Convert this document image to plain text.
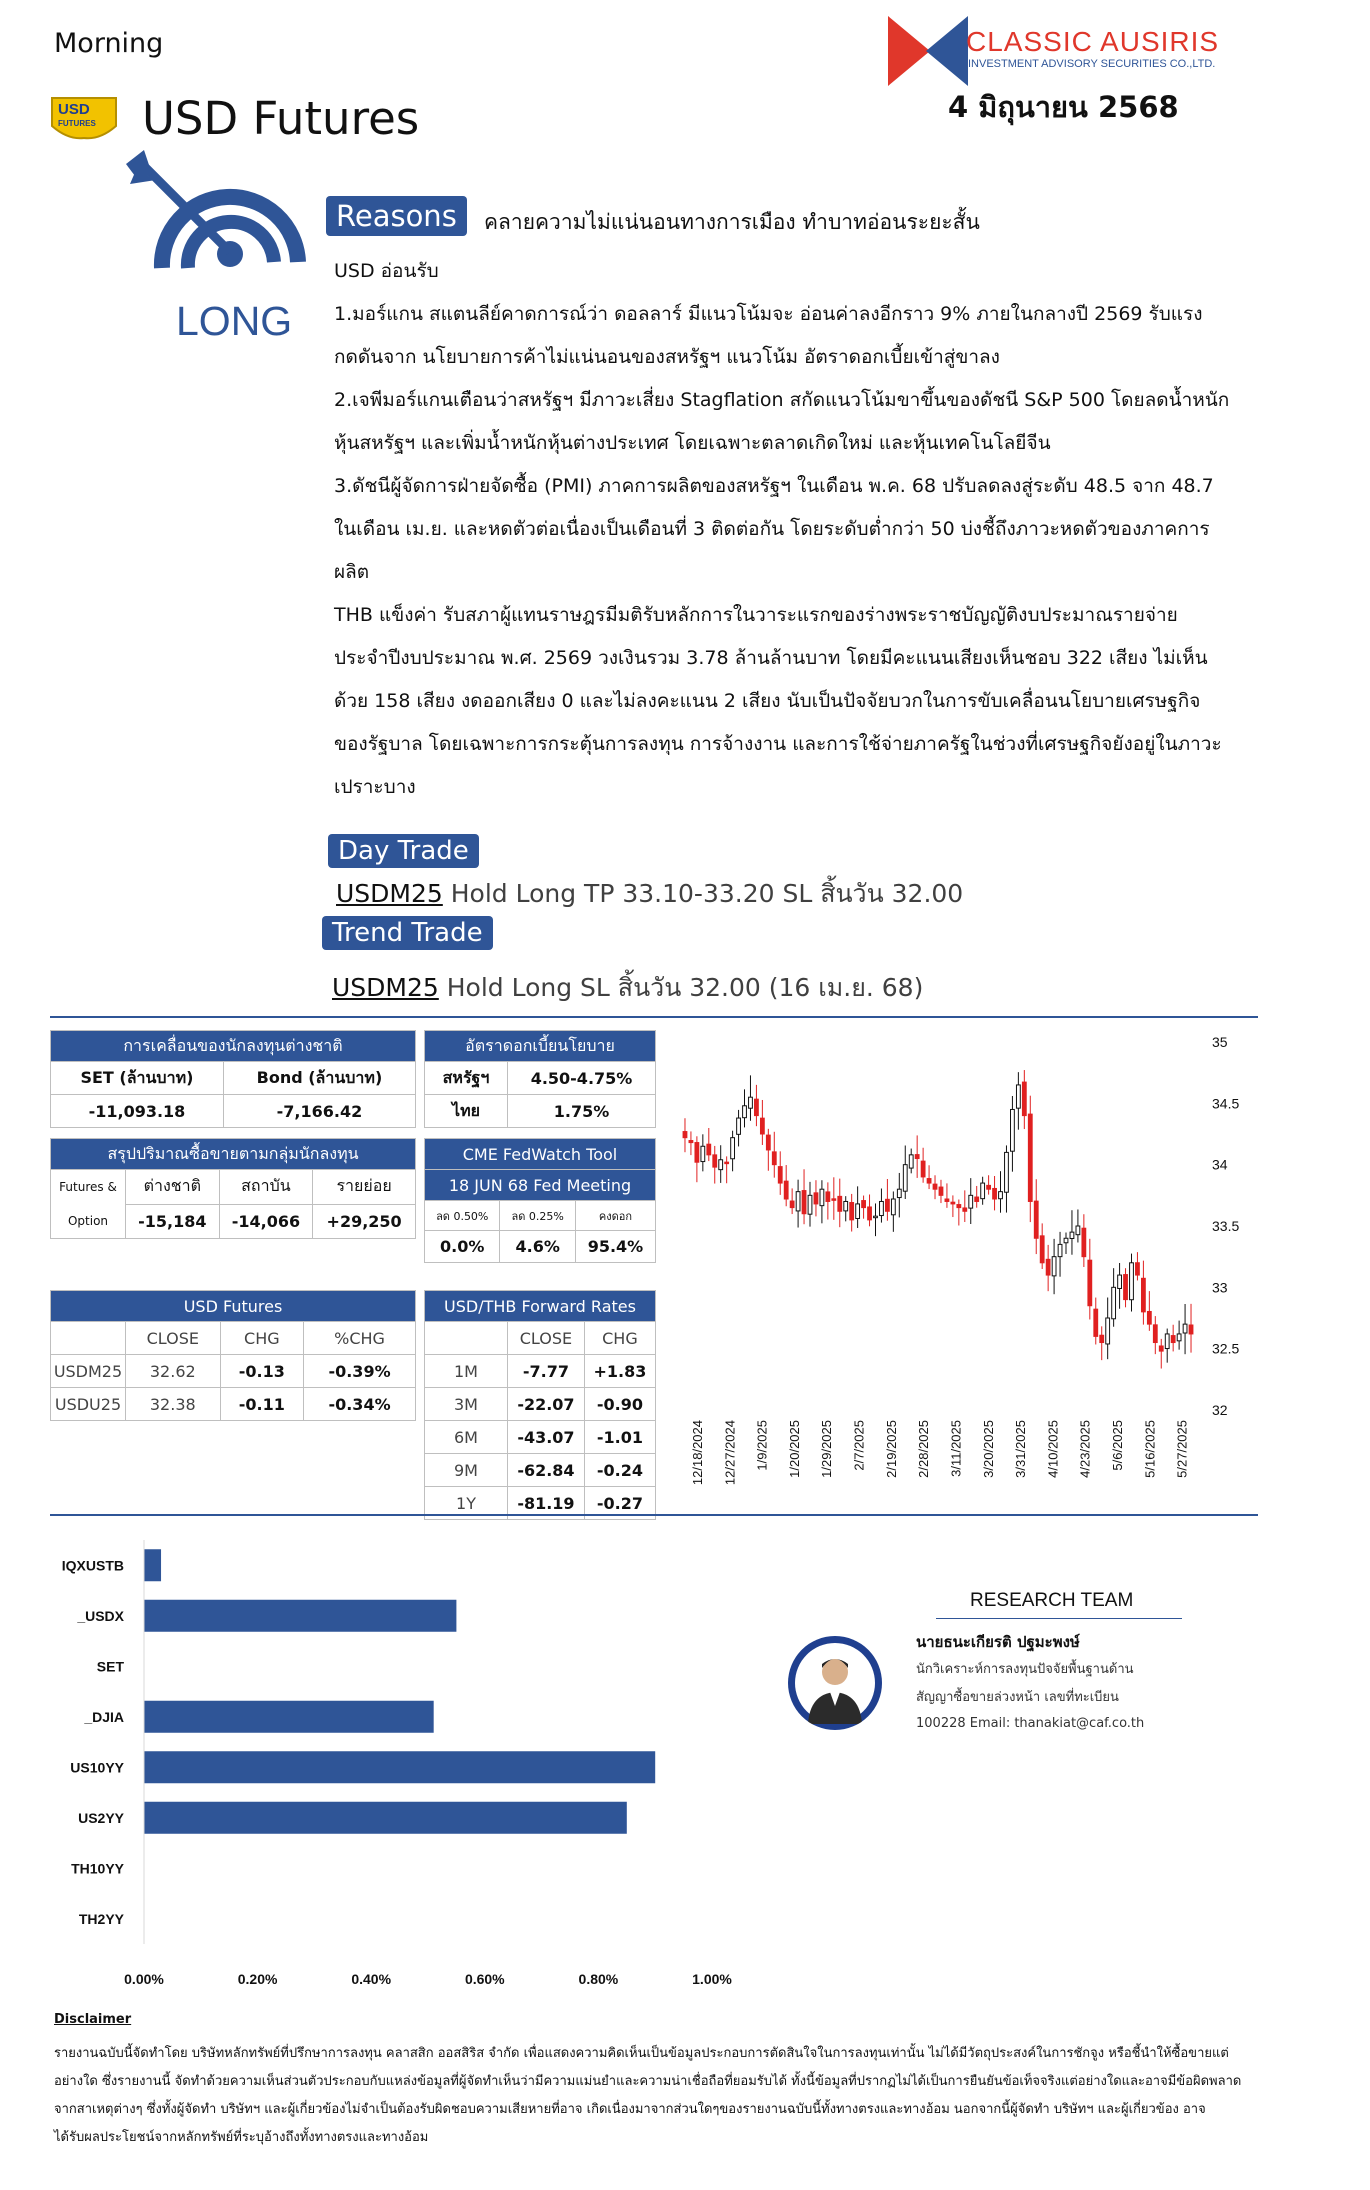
Morning
USD
FUTURES USD Futures
CLASSIC AUSIRIS
INVESTMENT ADVISORY SECURITIES CO.,LTD.
4 มิถุนายน 2568
LONG
Reasons	คลายความไม่แน่นอนทางการเมือง ทำบาทอ่อนระยะสั้น

USD อ่อนรับ

1.มอร์แกน สแตนลีย์คาดการณ์ว่า ดอลลาร์ มีแนวโน้มจะ อ่อนค่าลงอีกราว 9% ภายในกลางปี 2569 รับแรง

กดดันจาก นโยบายการค้าไม่แน่นอนของสหรัฐฯ แนวโน้ม อัตราดอกเบี้ยเข้าสู่ขาลง

2.เจพีมอร์แกนเตือนว่าสหรัฐฯ มีภาวะเสี่ยง Stagflation สกัดแนวโน้มขาขึ้นของดัชนี S&P 500 โดยลดน้ำหนัก

หุ้นสหรัฐฯ และเพิ่มน้ำหนักหุ้นต่างประเทศ โดยเฉพาะตลาดเกิดใหม่ และหุ้นเทคโนโลยีจีน

3.ดัชนีผู้จัดการฝ่ายจัดซื้อ (PMI) ภาคการผลิตของสหรัฐฯ ในเดือน พ.ค. 68 ปรับลดลงสู่ระดับ 48.5 จาก 48.7

ในเดือน เม.ย. และหดตัวต่อเนื่องเป็นเดือนที่ 3 ติดต่อกัน โดยระดับต่ำกว่า 50 บ่งชี้ถึงภาวะหดตัวของภาคการ

ผลิต

THB แข็งค่า รับสภาผู้แทนราษฎรมีมติรับหลักการในวาระแรกของร่างพระราชบัญญัติงบประมาณรายจ่าย

ประจำปีงบประมาณ พ.ศ. 2569 วงเงินรวม 3.78 ล้านล้านบาท โดยมีคะแนนเสียงเห็นชอบ 322 เสียง ไม่เห็น

ด้วย 158 เสียง งดออกเสียง 0 และไม่ลงคะแนน 2 เสียง นับเป็นปัจจัยบวกในการขับเคลื่อนนโยบายเศรษฐกิจ

ของรัฐบาล โดยเฉพาะการกระตุ้นการลงทุน การจ้างงาน และการใช้จ่ายภาครัฐในช่วงที่เศรษฐกิจยังอยู่ในภาวะ

เปราะบาง

Day Trade
USDM25 Hold Long TP 33.10-33.20 SL สิ้นวัน 32.00
Trend Trade
USDM25 Hold Long SL สิ้นวัน 32.00 (16 เม.ย. 68)
การเคลื่อนของนักลงทุนต่างชาติ	
SET (ล้านบาท)	Bond (ล้านบาท)
-11,093.18	-7,166.42
อัตราดอกเบี้ยนโยบาย	
สหรัฐฯ	4.50-4.75%
ไทย	1.75%
สรุปปริมาณซื้อขายตามกลุ่มนักลงทุน			

Futures &
Option	ต่างชาติ	สถาบัน	รายย่อย
	-15,184	-14,066	+29,250
CME FedWatch Tool		
18 JUN 68 Fed Meeting		
ลด 0.50%	ลด 0.25%	คงดอก
0.0%	4.6%	95.4%
USD Futures			
	CLOSE	CHG	%CHG
USDM25	32.62	-0.13	-0.39%
USDU25	32.38	-0.11	-0.34%
USD/THB Forward Rates		
	CLOSE	CHG
1M	-7.77	+1.83
3M	-22.07	-0.90
6M	-43.07	-1.01
9M	-62.84	-0.24
1Y	-81.19	-0.27
35
34.5
34
33.5
33
32.5
32
12/18/2024 12/27/2024 1/9/2025 1/20/2025 1/29/2025 2/7/2025 2/19/2025 2/28/2025 3/11/2025 3/20/2025 3/31/2025 4/10/2025 4/23/2025 5/6/2025 5/16/2025 5/27/2025
IQXUSTB
_USDX
SET
_DJIA
US10YY
US2YY
TH10YY
TH2YY
0.00%	0.20%	0.40%	0.60%	0.80%	1.00%
RESEARCH TEAM
นายธนะเกียรติ ปฐมะพงษ์
นักวิเคราะห์การลงทุนปัจจัยพื้นฐานด้าน
สัญญาซื้อขายล่วงหน้า เลขที่ทะเบียน
100228 Email: thanakiat@caf.co.th
Disclaimer
รายงานฉบับนี้จัดทำโดย บริษัทหลักทรัพย์ที่ปรึกษาการลงทุน คลาสสิก ออสสิริส จำกัด เพื่อแสดงความคิดเห็นเป็นข้อมูลประกอบการตัดสินใจในการลงทุนเท่านั้น ไม่ได้มีวัตถุประสงค์ในการชักจูง หรือชี้นำให้ซื้อขายแต่
อย่างใด ซึ่งรายงานนี้ จัดทำด้วยความเห็นส่วนตัวประกอบกับแหล่งข้อมูลที่ผู้จัดทำเห็นว่ามีความแม่นยำและความน่าเชื่อถือที่ยอมรับได้ ทั้งนี้ข้อมูลที่ปรากฏไม่ได้เป็นการยืนยันข้อเท็จจริงแต่อย่างใดและอาจมีข้อผิดพลาด
จากสาเหตุต่างๆ ซึ่งทั้งผู้จัดทำ บริษัทฯ และผู้เกี่ยวข้องไม่จำเป็นต้องรับผิดชอบความเสียหายที่อาจ เกิดเนื่องมาจากส่วนใดๆของรายงานฉบับนี้ทั้งทางตรงและทางอ้อม นอกจากนี้ผู้จัดทำ บริษัทฯ และผู้เกี่ยวข้อง อาจ
ได้รับผลประโยชน์จากหลักทรัพย์ที่ระบุอ้างถึงทั้งทางตรงและทางอ้อม
